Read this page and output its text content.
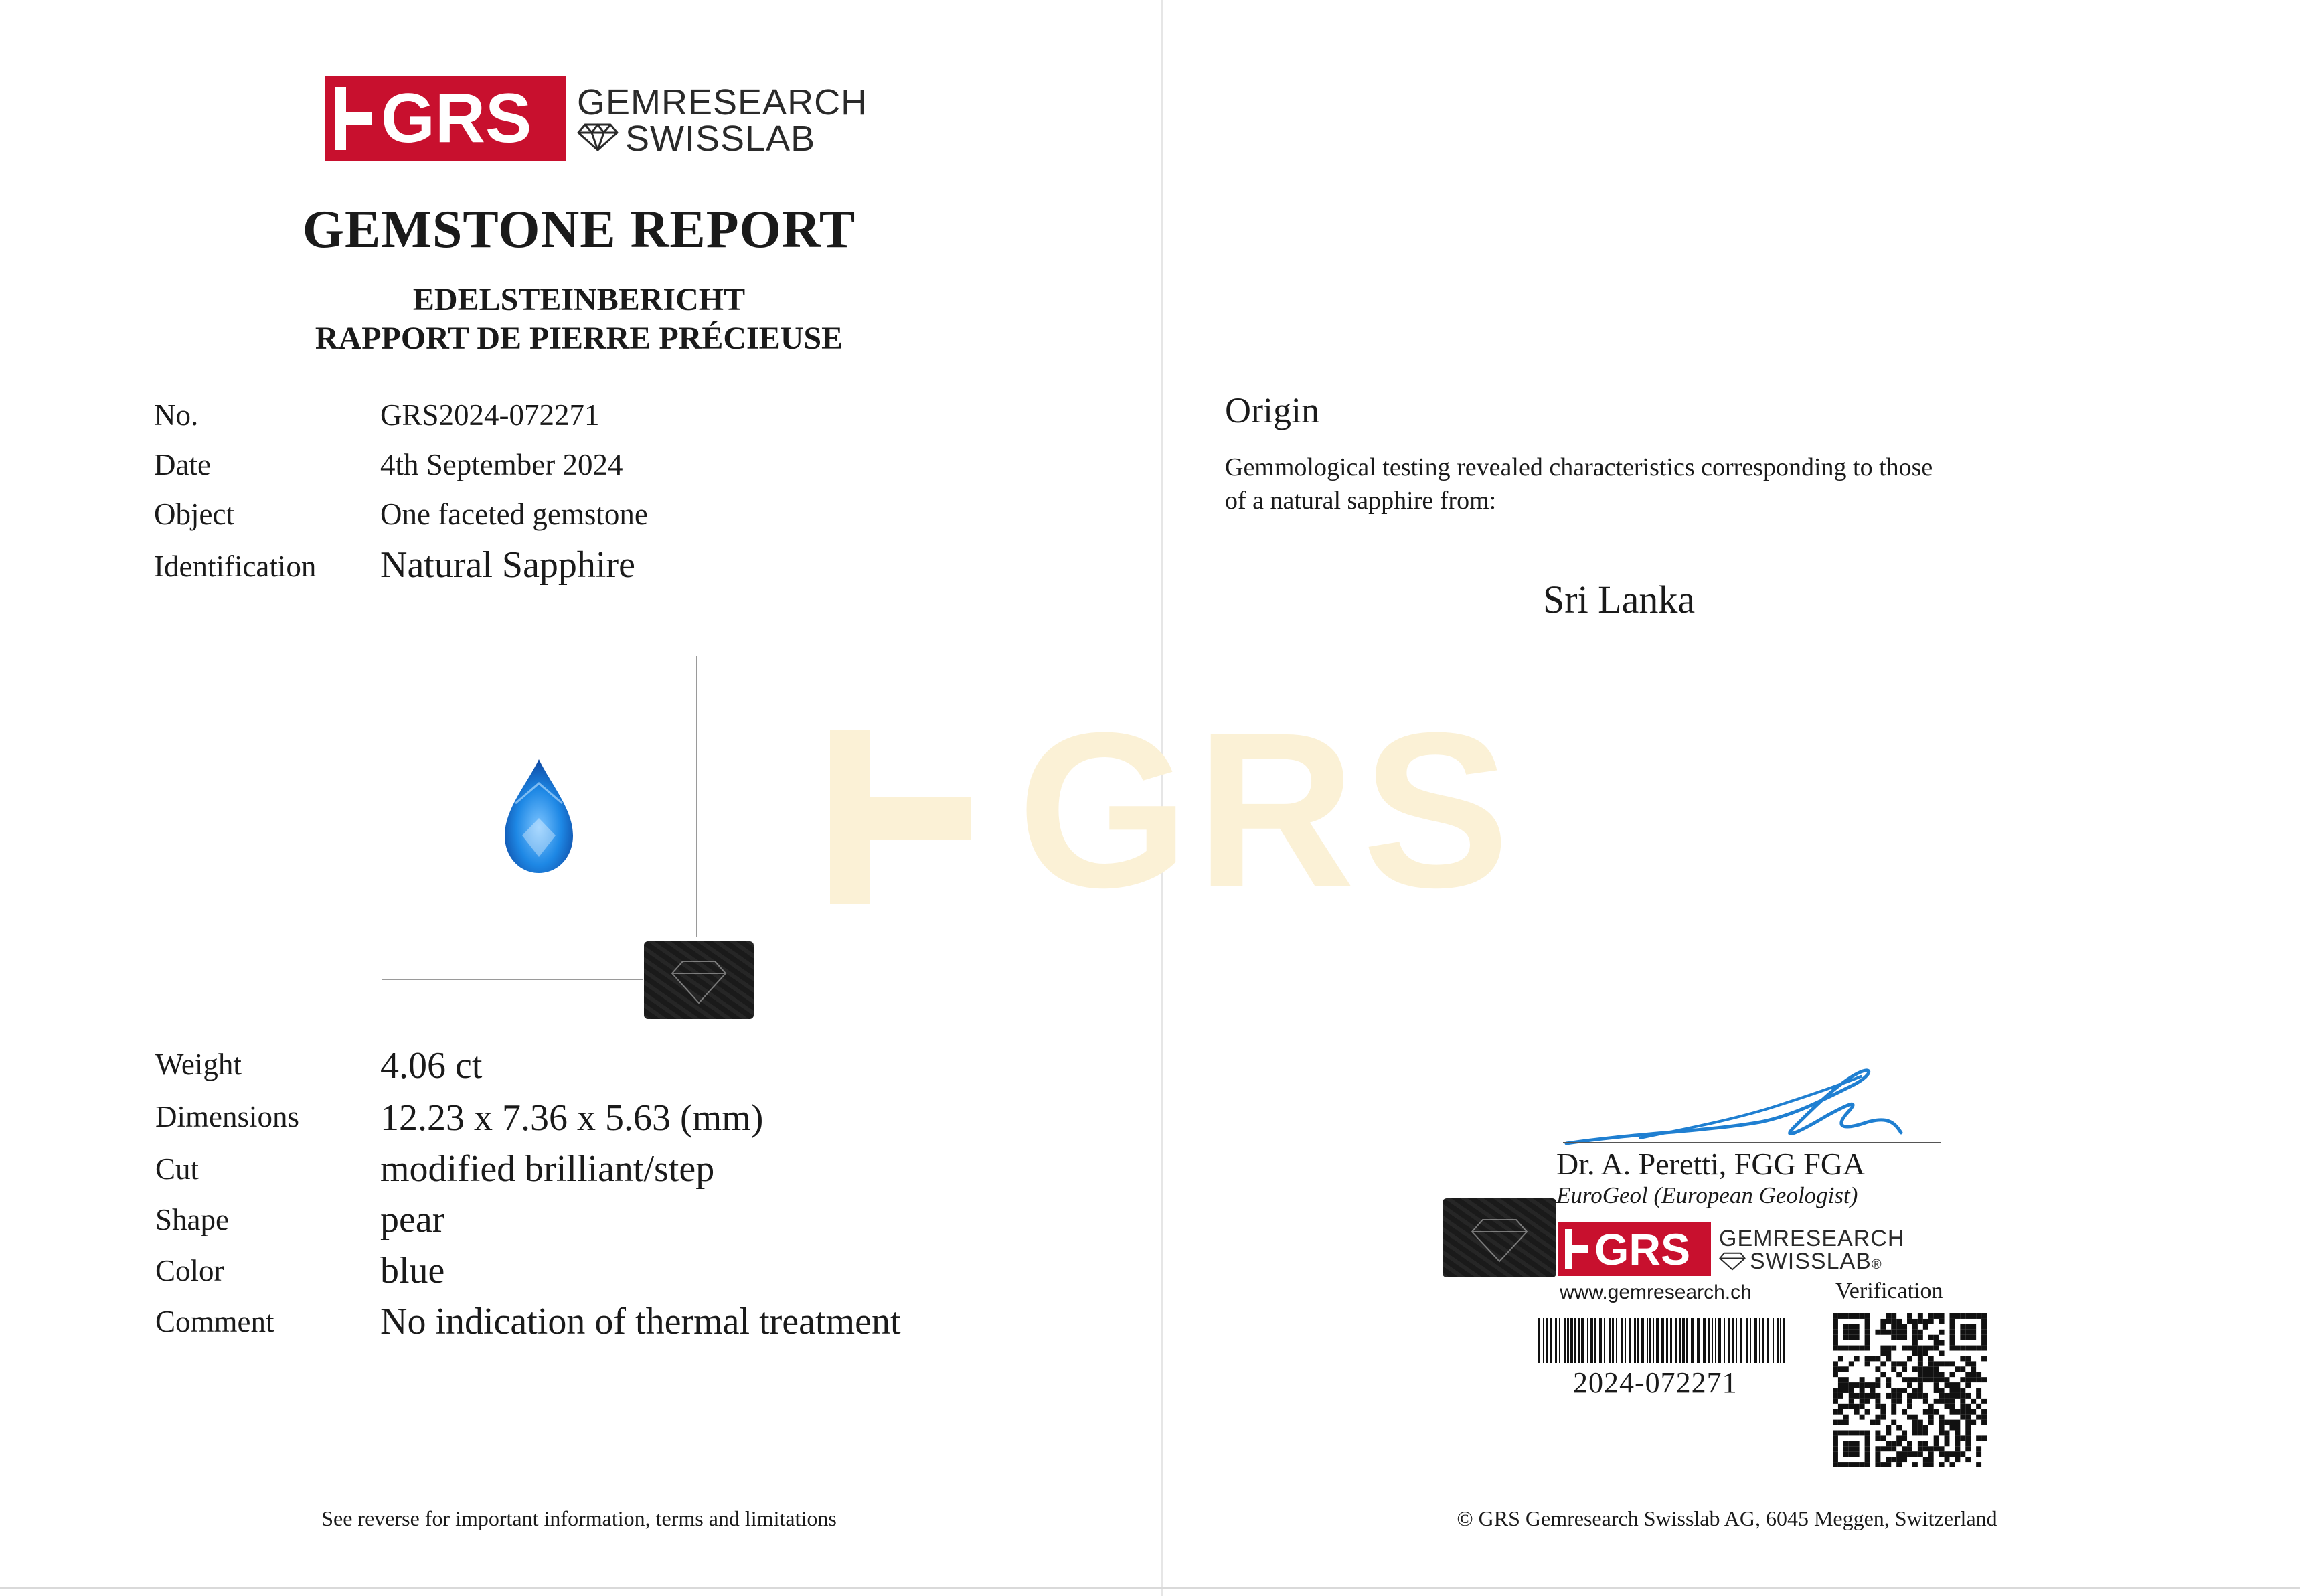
GRS GEMRESEARCH
SWISSLAB
GEMSTONE REPORT
EDELSTEINBERICHT
RAPPORT DE PIERRE PRÉCIEUSE
No.	GRS2024-072271
Date	4th September 2024
Object	One faceted gemstone
Identification Natural Sapphire
GRS
Weight	4.06 ct
Dimensions 12.23 x 7.36 x 5.63 (mm)
Cut	modified brilliant/step
Shape	pear
Color	blue
Comment	No indication of thermal treatment
See reverse for important information, terms and limitations
Origin
Gemmological testing revealed characteristics corresponding to those
of a natural sapphire from:
Sri Lanka
Dr. A. Peretti, FGG FGA
EuroGeol (European Geologist)
GRS GEMRESEARCH
SWISSLAB®
www.gemresearch.ch	Verification
2024-072271
© GRS Gemresearch Swisslab AG, 6045 Meggen, Switzerland
